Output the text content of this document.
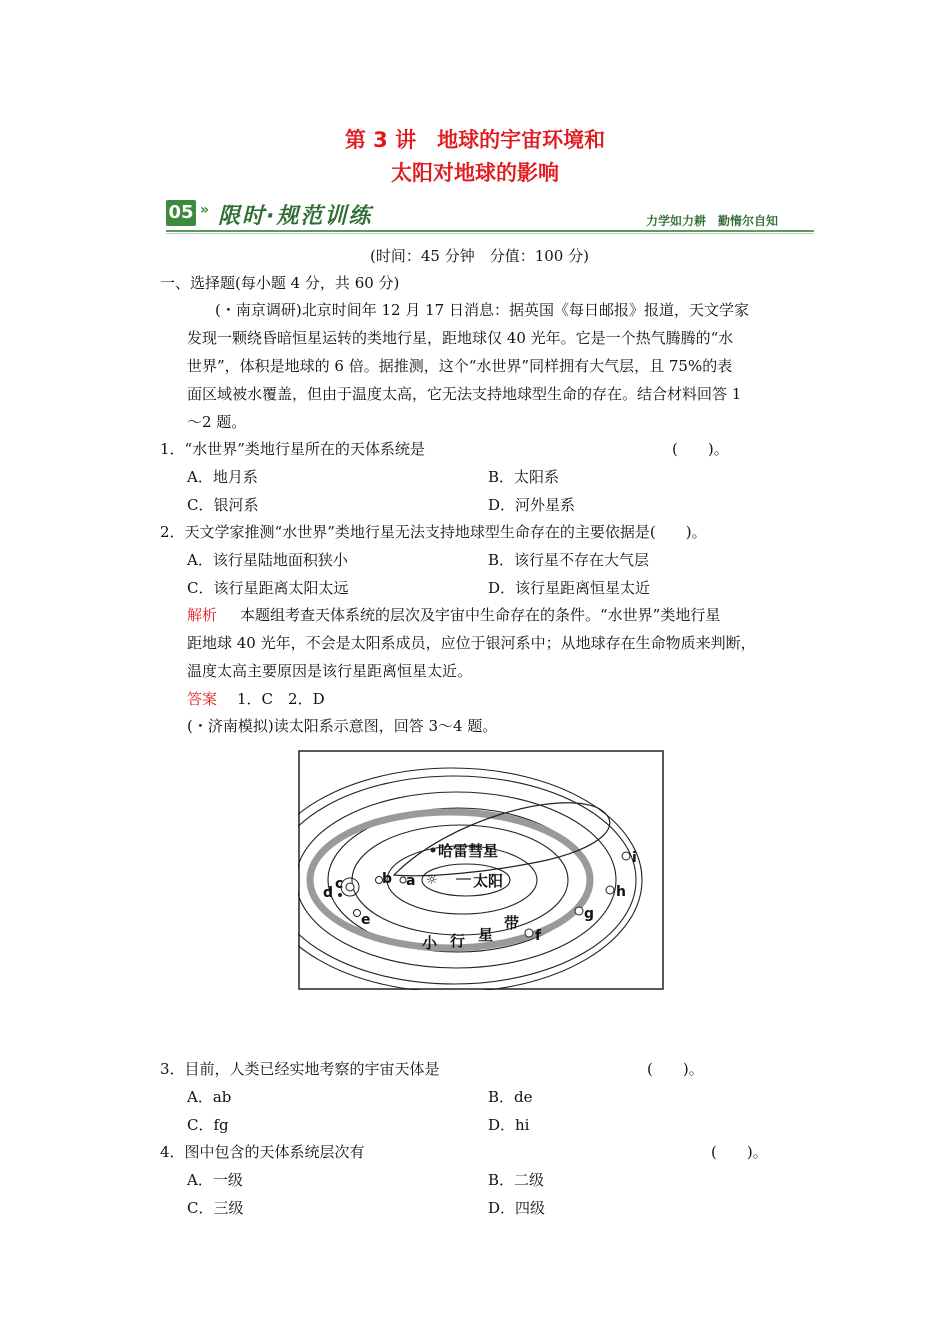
第 3 讲　地球的宇宙环境和
太阳对地球的影响
05 » 限时·规范训练	力学如力耕　勤惰尔自知
(时间：45 分钟　分值：100 分)
一、选择题(每小题 4 分，共 60 分)
(・南京调研)北京时间年 12 月 17 日消息：据英国《每日邮报》报道，天文学家
发现一颗绕昏暗恒星运转的类地行星，距地球仅 40 光年。它是一个热气腾腾的“水
世界”，体积是地球的 6 倍。据推测，这个“水世界”同样拥有大气层，且 75%的表
面区域被水覆盖，但由于温度太高，它无法支持地球型生命的存在。结合材料回答 1
～2 题。
1．“水世界”类地行星所在的天体系统是	(　　)。
A．地月系	B．太阳系
C．银河系	D．河外星系
2．天文学家推测“水世界”类地行星无法支持地球型生命存在的主要依据是(　　)。
A．该行星陆地面积狭小	B．该行星不存在大气层
C．该行星距离太阳太远	D．该行星距离恒星太近
解析 本题组考查天体系统的层次及宇宙中生命存在的条件。“水世界”类地行星
距地球 40 光年，不会是太阳系成员，应位于银河系中；从地球存在生命物质来判断，
温度太高主要原因是该行星距离恒星太近。
答案 1．C　2．D
(・济南模拟)读太阳系示意图，回答 3～4 题。
哈雷彗星
☼ 太阳
a
b
c
d
e
f
g
h
i
小 行 星
带
3．目前，人类已经实地考察的宇宙天体是	(　　)。
A．ab	B．de
C．fg	D．hi
4．图中包含的天体系统层次有	(　　)。
A．一级	B．二级
C．三级	D．四级
